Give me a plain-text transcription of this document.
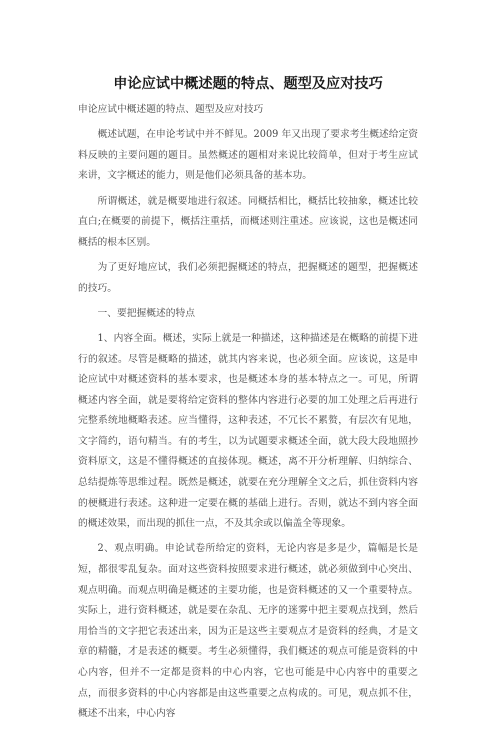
申论应试中概述题的特点、题型及应对技巧

申论应试中概述题的特点、题型及应对技巧

概述试题，在申论考试中并不鲜见。2009 年又出现了要求考生概述给定资料反映的主要问题的题目。虽然概述的题相对来说比较简单，但对于考生应试来讲，文字概述的能力，则是他们必须具备的基本功。

所谓概述，就是概要地进行叙述。同概括相比，概括比较抽象，概述比较直白;在概要的前提下，概括注重括，而概述则注重述。应该说，这也是概述同概括的根本区别。

为了更好地应试，我们必须把握概述的特点，把握概述的题型，把握概述的技巧。

一、要把握概述的特点

1、内容全面。概述，实际上就是一种描述，这种描述是在概略的前提下进行的叙述。尽管是概略的描述，就其内容来说，也必须全面。应该说，这是申论应试中对概述资料的基本要求，也是概述本身的基本特点之一。可见，所谓概述内容全面，就是要将给定资料的整体内容进行必要的加工处理之后再进行完整系统地概略表述。应当懂得，这种表述，不冗长不累赘，有层次有见地，文字简约，语句精当。有的考生，以为试题要求概述全面，就大段大段地照抄资料原文，这是不懂得概述的直接体现。概述，离不开分析理解、归纳综合、总结提炼等思维过程。既然是概述，就要在充分理解全文之后，抓住资料内容的梗概进行表述。这种进一定要在概的基础上进行。否则，就达不到内容全面的概述效果，而出现的抓住一点，不及其余或以偏盖全等现象。

2、观点明确。申论试卷所给定的资料，无论内容是多是少，篇幅是长是短，都很零乱复杂。面对这些资料按照要求进行概述，就必须做到中心突出、观点明确。而观点明确是概述的主要功能，也是资料概述的又一个重要特点。实际上，进行资料概述，就是要在杂乱、无序的迷雾中把主要观点找到，然后用恰当的文字把它表述出来，因为正是这些主要观点才是资料的经典，才是文章的精髓，才是表述的概要。考生必须懂得，我们概述的观点可能是资料的中心内容，但并不一定都是资料的中心内容，它也可能是中心内容中的重要之点，而很多资料的中心内容都是由这些重要之点构成的。可见，观点抓不住，概述不出来，中心内容
